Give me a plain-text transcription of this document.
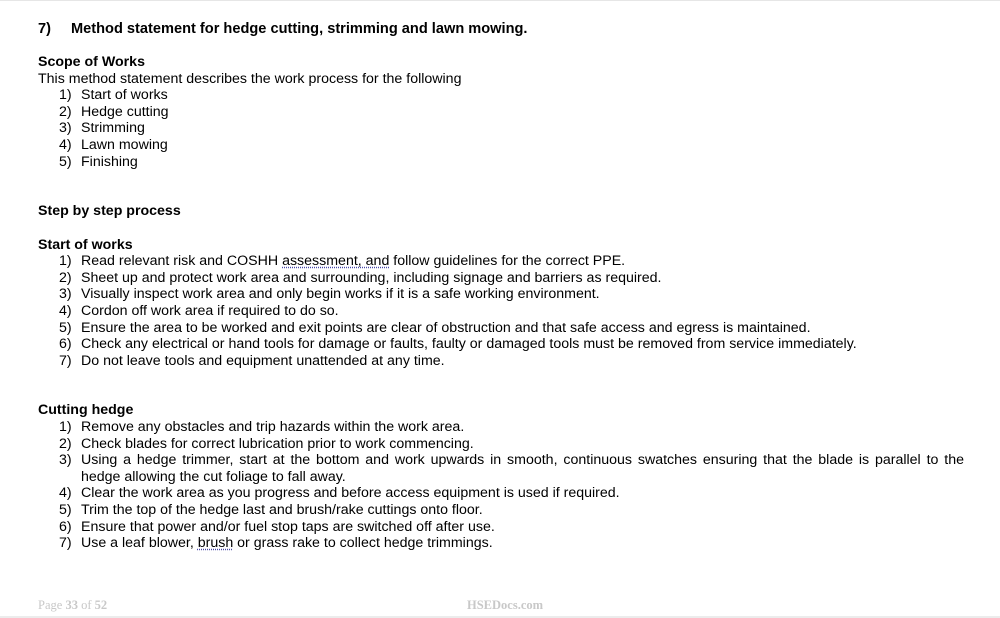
7)	Method statement for hedge cutting, strimming and lawn mowing.
Scope of Works
This method statement describes the work process for the following
1) Start of works
2) Hedge cutting
3) Strimming
4) Lawn mowing
5) Finishing
Step by step process
Start of works
1) Read relevant risk and COSHH assessment, and follow guidelines for the correct PPE.
2) Sheet up and protect work area and surrounding, including signage and barriers as required.
3) Visually inspect work area and only begin works if it is a safe working environment.
4) Cordon off work area if required to do so.
5) Ensure the area to be worked and exit points are clear of obstruction and that safe access and egress is maintained.
6) Check any electrical or hand tools for damage or faults, faulty or damaged tools must be removed from service immediately.
7) Do not leave tools and equipment unattended at any time.
Cutting hedge
1) Remove any obstacles and trip hazards within the work area.
2) Check blades for correct lubrication prior to work commencing.
3) Using a hedge trimmer, start at the bottom and work upwards in smooth, continuous swatches ensuring that the blade is parallel to the hedge allowing the cut foliage to fall away.
4) Clear the work area as you progress and before access equipment is used if required.
5) Trim the top of the hedge last and brush/rake cuttings onto floor.
6) Ensure that power and/or fuel stop taps are switched off after use.
7) Use a leaf blower, brush or grass rake to collect hedge trimmings.
Page 33 of 52	HSEDocs.com
